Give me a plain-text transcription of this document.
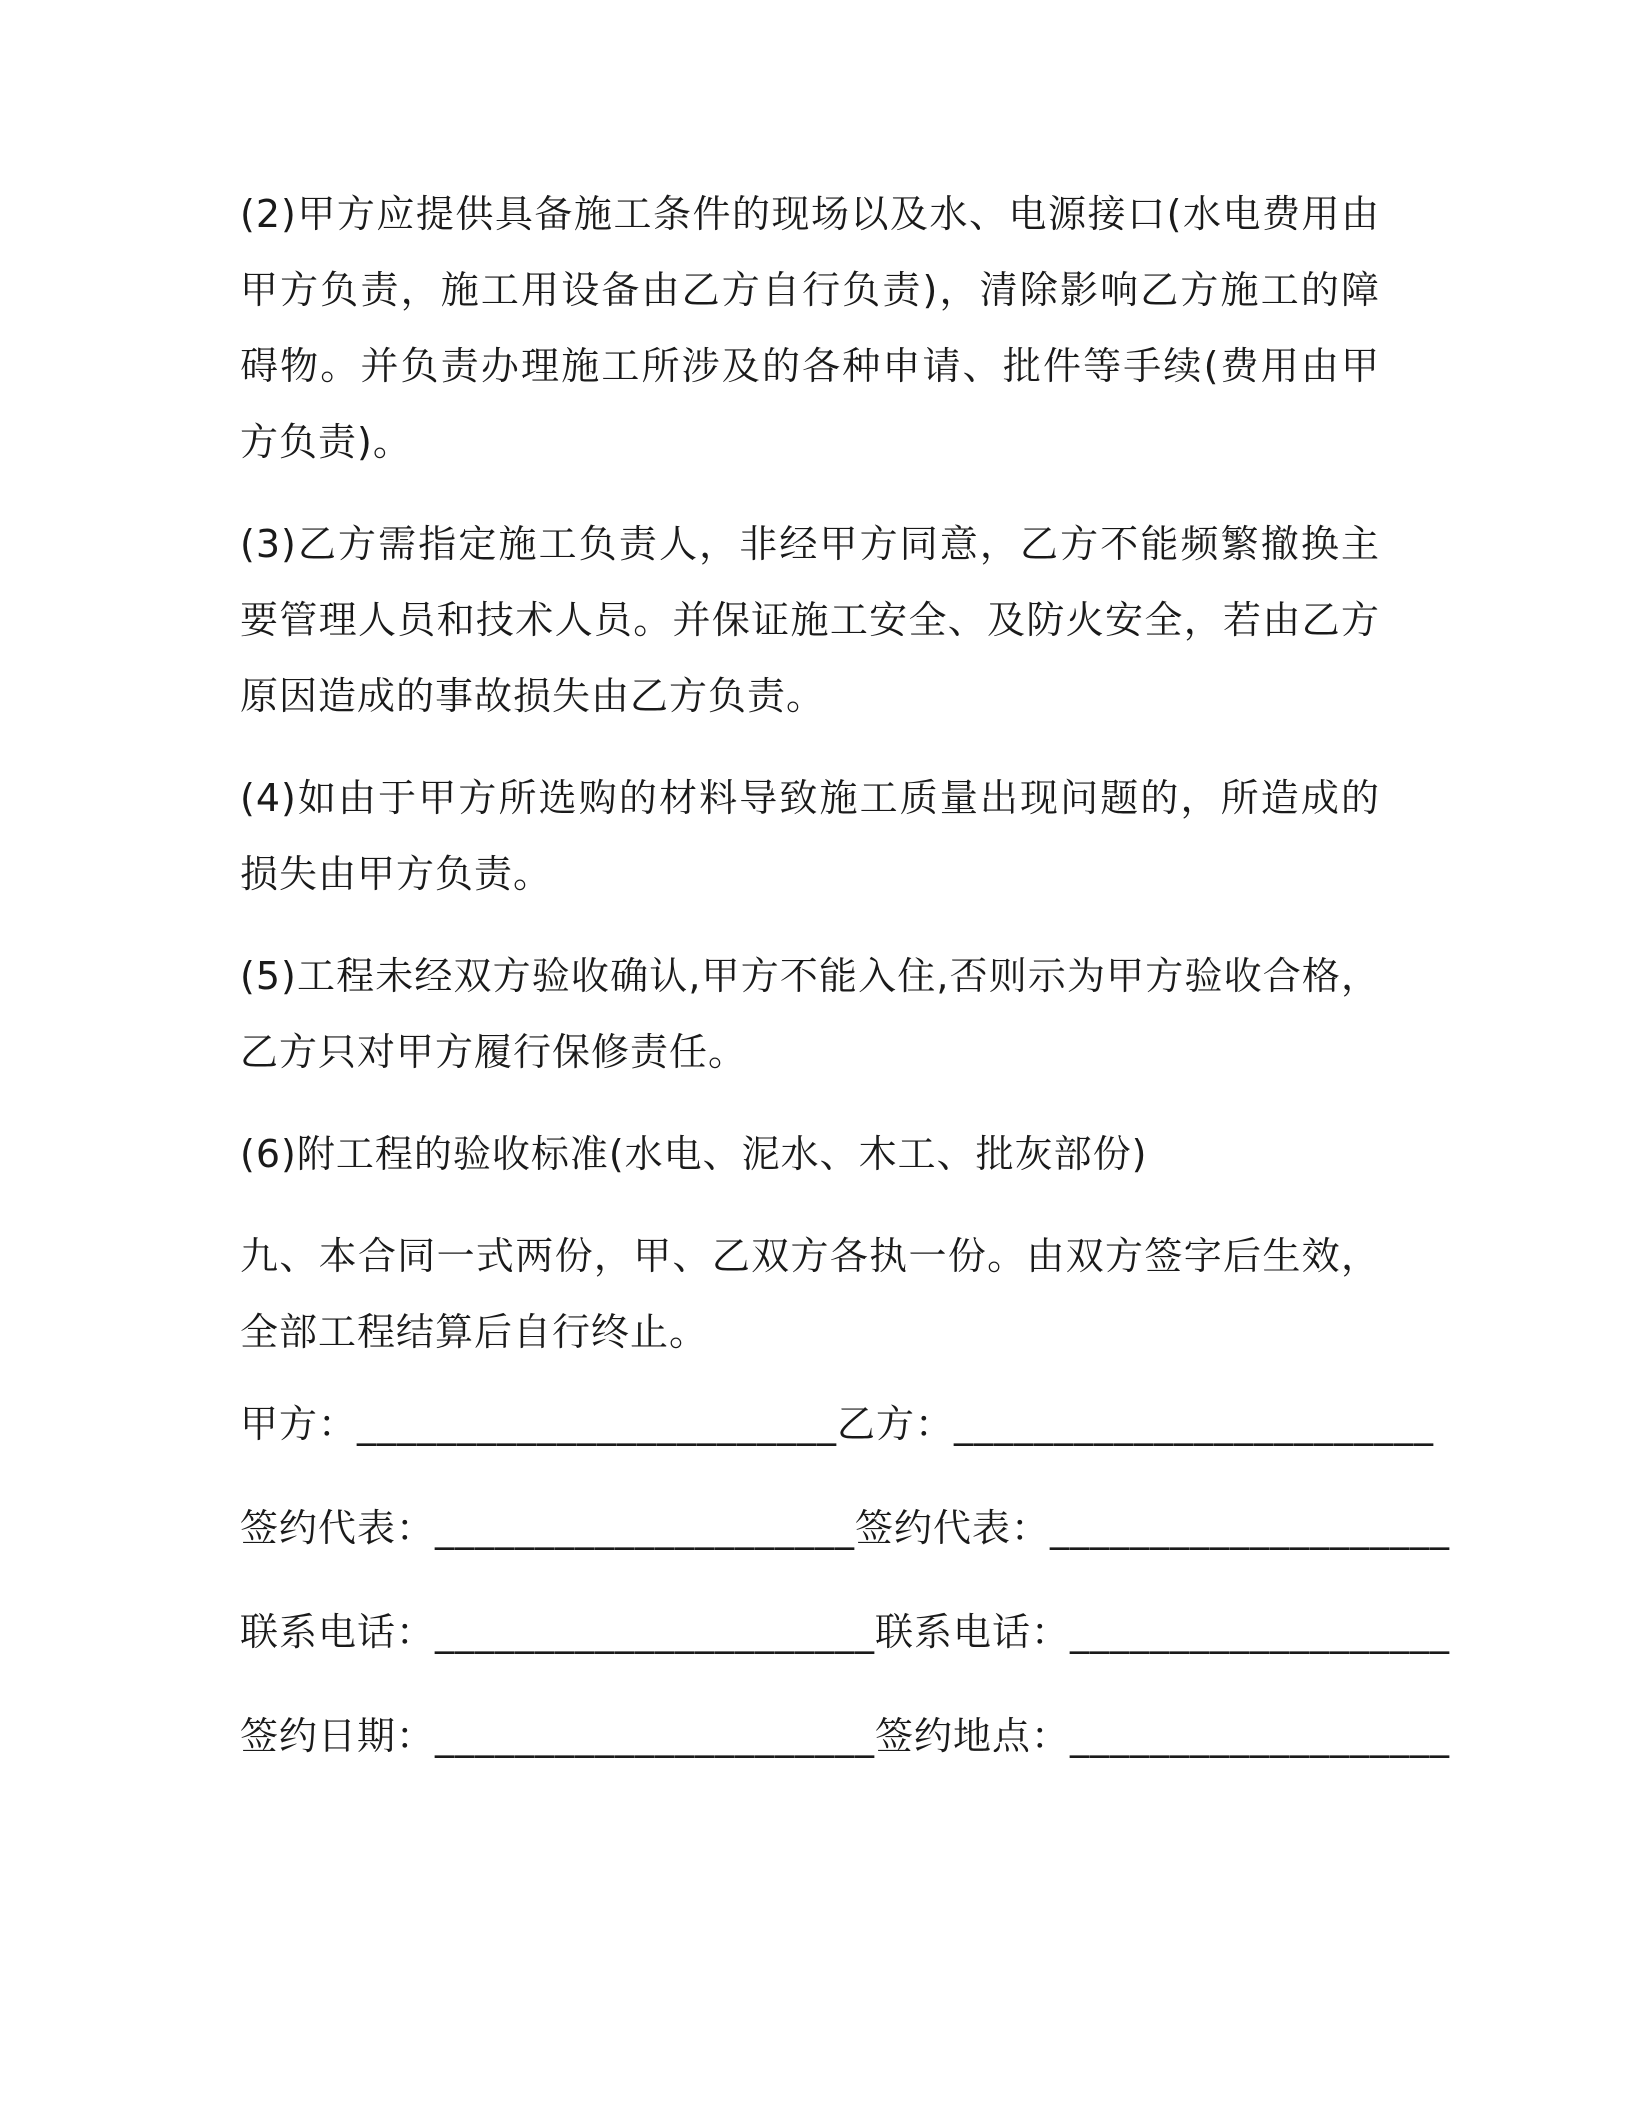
(2)甲方应提供具备施工条件的现场以及水、电源接口(水电费用由甲方负责，施工用设备由乙方自行负责)，清除影响乙方施工的障碍物。并负责办理施工所涉及的各种申请、批件等手续(费用由甲方负责)。

(3)乙方需指定施工负责人，非经甲方同意，乙方不能频繁撤换主要管理人员和技术人员。并保证施工安全、及防火安全，若由乙方原因造成的事故损失由乙方负责。

(4)如由于甲方所选购的材料导致施工质量出现问题的，所造成的损失由甲方负责。

(5)工程未经双方验收确认,甲方不能入住,否则示为甲方验收合格，乙方只对甲方履行保修责任。

(6)附工程的验收标准(水电、泥水、木工、批灰部份)

九、本合同一式两份，甲、乙双方各执一份。由双方签字后生效，全部工程结算后自行终止。

甲方：________________________ 乙方：________________________
签约代表：_____________________ 签约代表：____________________
联系电话：______________________ 联系电话：___________________
签约日期：______________________ 签约地点：___________________
